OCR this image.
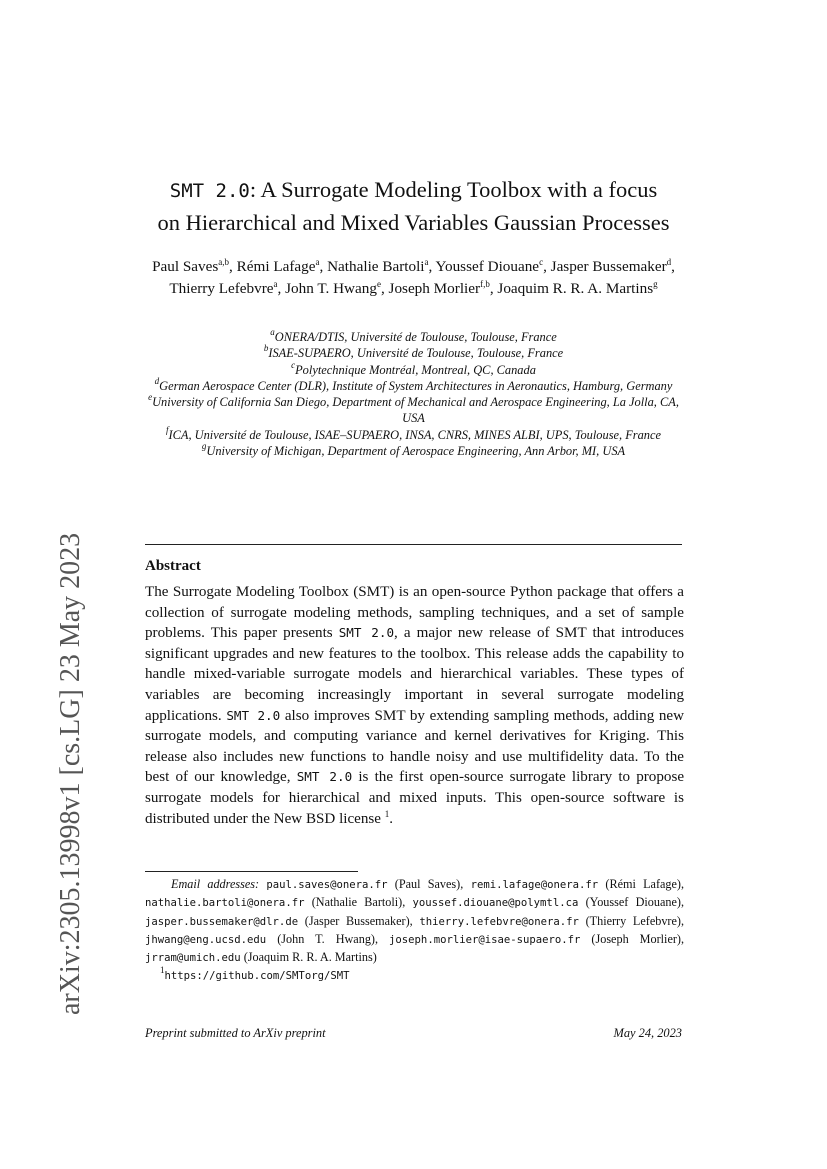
arXiv:2305.13998v1 [cs.LG] 23 May 2023
SMT 2.0: A Surrogate Modeling Toolbox with a focus
on Hierarchical and Mixed Variables Gaussian Processes
Paul Saves$^{a,b}$, Rémi Lafage$^a$, Nathalie Bartoli$^a$, Youssef Diouane$^c$, Jasper Bussemaker$^d$, Thierry Lefebvre$^a$, John T. Hwang$^e$, Joseph Morlier$^{f,b}$, Joaquim R. R. A. Martins$^g$

$^a$ONERA/DTIS, Université de Toulouse, Toulouse, France

$^b$ISAE-SUPAERO, Université de Toulouse, Toulouse, France

$^c$Polytechnique Montréal, Montreal, QC, Canada

$^d$German Aerospace Center (DLR), Institute of System Architectures in Aeronautics, Hamburg, Germany

$^e$University of California San Diego, Department of Mechanical and Aerospace Engineering, La Jolla, CA, USA

$^f$ICA, Université de Toulouse, ISAE–SUPAERO, INSA, CNRS, MINES ALBI, UPS, Toulouse, France

$^g$University of Michigan, Department of Aerospace Engineering, Ann Arbor, MI, USA

Abstract
The Surrogate Modeling Toolbox (SMT) is an open-source Python package that offers a collection of surrogate modeling methods, sampling techniques, and a set of sample problems. This paper presents SMT 2.0, a major new release of SMT that introduces significant upgrades and new features to the toolbox. This release adds the capability to handle mixed-variable surrogate models and hierarchical variables. These types of variables are becoming increasingly important in several surrogate modeling applications. SMT 2.0 also improves SMT by extending sampling methods, adding new surrogate models, and computing variance and kernel derivatives for Kriging. This release also includes new functions to handle noisy and use multifidelity data. To the best of our knowledge, SMT 2.0 is the first open-source surrogate library to propose surrogate models for hierarchical and mixed inputs. This open-source software is distributed under the New BSD license $^1$.

Email addresses: paul.saves@onera.fr (Paul Saves), remi.lafage@onera.fr (Rémi Lafage), nathalie.bartoli@onera.fr (Nathalie Bartoli), youssef.diouane@polymtl.ca (Youssef Diouane), jasper.bussemaker@dlr.de (Jasper Bussemaker), thierry.lefebvre@onera.fr (Thierry Lefebvre), jhwang@eng.ucsd.edu (John T. Hwang), joseph.morlier@isae-supaero.fr (Joseph Morlier), jrram@umich.edu (Joaquim R. R. A. Martins)

$^1$https://github.com/SMTorg/SMT

Preprint submitted to ArXiv preprint	May 24, 2023
